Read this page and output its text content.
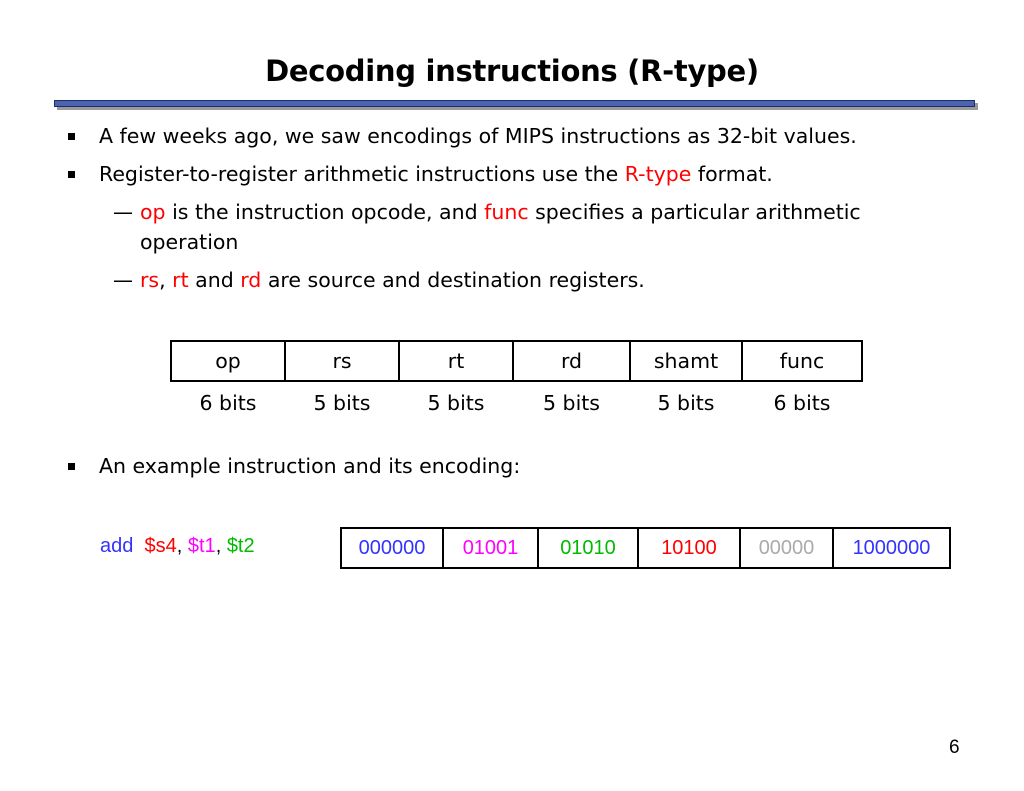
Decoding instructions (R-type)
A few weeks ago, we saw encodings of MIPS instructions as 32-bit values.
Register-to-register arithmetic instructions use the R-type format.
— op is the instruction opcode, and func specifies a particular arithmetic
operation
— rs, rt and rd are source and destination registers.
op	rs	rt	rd	shamt	func
6 bits	5 bits	5 bits	5 bits	5 bits	6 bits
An example instruction and its encoding:
add $s4, $t1, $t2	000000	01001	01010	10100	00000	1000000
6
